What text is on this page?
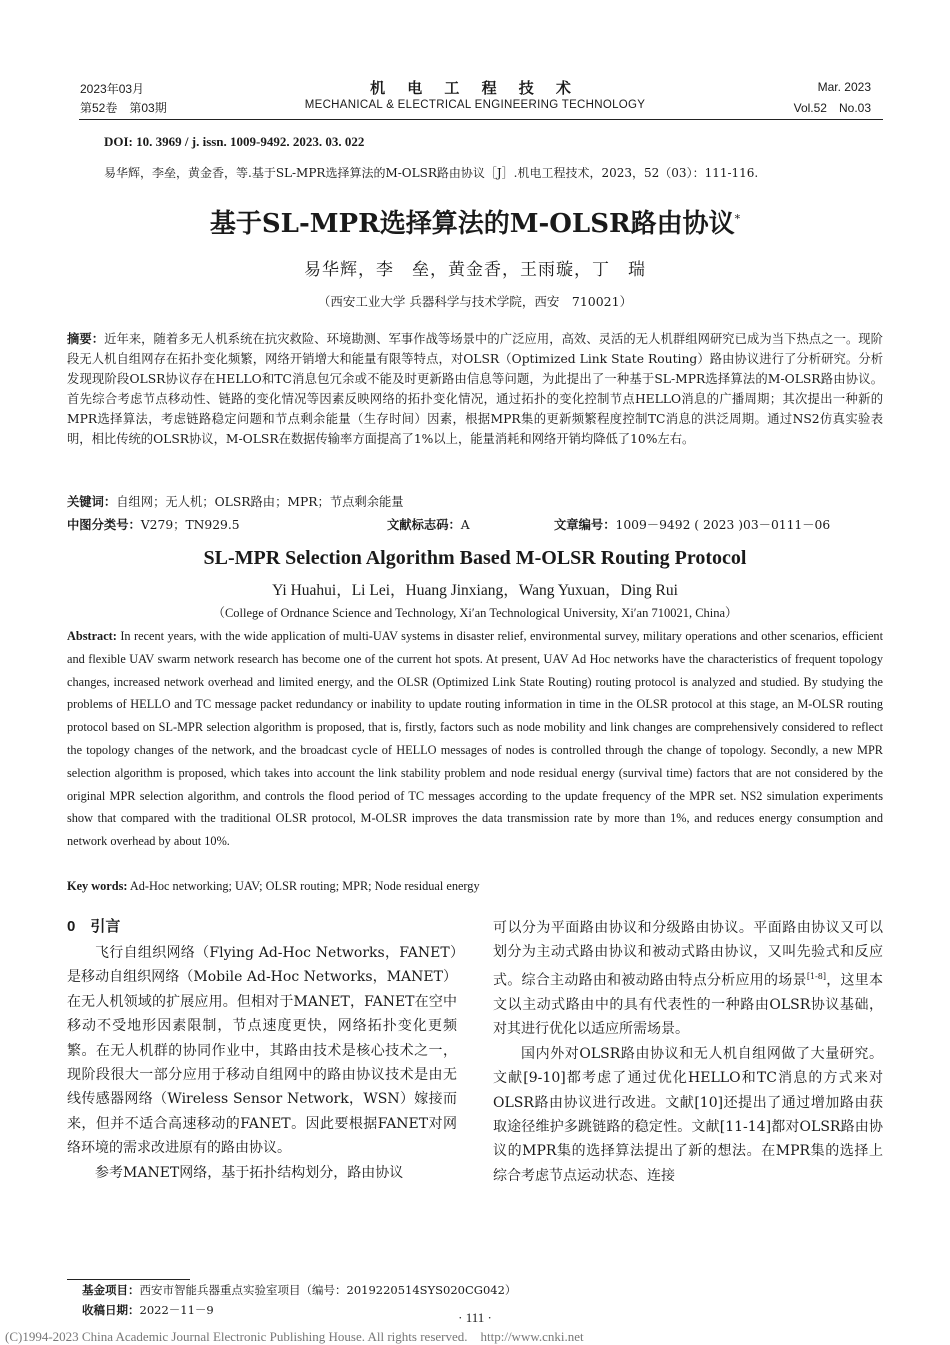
2023年03月
第52卷　第03期
机 电 工 程 技 术
MECHANICAL & ELECTRICAL ENGINEERING TECHNOLOGY
Mar. 2023
Vol.52　No.03
DOI: 10. 3969 / j. issn. 1009-9492. 2023. 03. 022
易华辉，李垒，黄金香，等.基于SL-MPR选择算法的M-OLSR路由协议［J］.机电工程技术，2023，52（03）：111-116.
基于SL-MPR选择算法的M-OLSR路由协议*
易华辉，李　垒，黄金香，王雨璇，丁　瑞
（西安工业大学 兵器科学与技术学院，西安　710021）
摘要：近年来，随着多无人机系统在抗灾救险、环境勘测、军事作战等场景中的广泛应用，高效、灵活的无人机群组网研究已成为当下热点之一。现阶段无人机自组网存在拓扑变化频繁，网络开销增大和能量有限等特点，对OLSR（Optimized Link State Routing）路由协议进行了分析研究。分析发现现阶段OLSR协议存在HELLO和TC消息包冗余或不能及时更新路由信息等问题，为此提出了一种基于SL-MPR选择算法的M-OLSR路由协议。首先综合考虑节点移动性、链路的变化情况等因素反映网络的拓扑变化情况，通过拓扑的变化控制节点HELLO消息的广播周期；其次提出一种新的MPR选择算法，考虑链路稳定问题和节点剩余能量（生存时间）因素，根据MPR集的更新频繁程度控制TC消息的洪泛周期。通过NS2仿真实验表明，相比传统的OLSR协议，M-OLSR在数据传输率方面提高了1%以上，能量消耗和网络开销均降低了10%左右。
关键词：自组网；无人机；OLSR路由；MPR；节点剩余能量
中图分类号：V279；TN929.5	文献标志码：A	文章编号：1009－9492 ( 2023 )03－0111－06
SL-MPR Selection Algorithm Based M-OLSR Routing Protocol
Yi Huahui，Li Lei，Huang Jinxiang，Wang Yuxuan，Ding Rui
（College of Ordnance Science and Technology, Xi′an Technological University, Xi′an 710021, China）
Abstract: In recent years, with the wide application of multi-UAV systems in disaster relief, environmental survey, military operations and other scenarios, efficient and flexible UAV swarm network research has become one of the current hot spots. At present, UAV Ad Hoc networks have the characteristics of frequent topology changes, increased network overhead and limited energy, and the OLSR (Optimized Link State Routing) routing protocol is analyzed and studied. By studying the problems of HELLO and TC message packet redundancy or inability to update routing information in time in the OLSR protocol at this stage, an M-OLSR routing protocol based on SL-MPR selection algorithm is proposed, that is, firstly, factors such as node mobility and link changes are comprehensively considered to reflect the topology changes of the network, and the broadcast cycle of HELLO messages of nodes is controlled through the change of topology. Secondly, a new MPR selection algorithm is proposed, which takes into account the link stability problem and node residual energy (survival time) factors that are not considered by the original MPR selection algorithm, and controls the flood period of TC messages according to the update frequency of the MPR set. NS2 simulation experiments show that compared with the traditional OLSR protocol, M-OLSR improves the data transmission rate by more than 1%, and reduces energy consumption and network overhead by about 10%.
Key words: Ad-Hoc networking; UAV; OLSR routing; MPR; Node residual energy
0　引言

飞行自组织网络（Flying Ad-Hoc Networks，FANET）是移动自组织网络（Mobile Ad-Hoc Networks，MANET）在无人机领域的扩展应用。但相对于MANET，FANET在空中移动不受地形因素限制，节点速度更快，网络拓扑变化更频繁。在无人机群的协同作业中，其路由技术是核心技术之一，现阶段很大一部分应用于移动自组网中的路由协议技术是由无线传感器网络（Wireless Sensor Network，WSN）嫁接而来，但并不适合高速移动的FANET。因此要根据FANET对网络环境的需求改进原有的路由协议。

参考MANET网络，基于拓扑结构划分，路由协议

可以分为平面路由协议和分级路由协议。平面路由协议又可以划分为主动式路由协议和被动式路由协议，又叫先验式和反应式。综合主动路由和被动路由特点分析应用的场景[1-8]，这里本文以主动式路由中的具有代表性的一种路由OLSR协议基础，对其进行优化以适应所需场景。

国内外对OLSR路由协议和无人机自组网做了大量研究。文献[9-10]都考虑了通过优化HELLO和TC消息的方式来对OLSR路由协议进行改进。文献[10]还提出了通过增加路由获取途径维护多跳链路的稳定性。文献[11-14]都对OLSR路由协议的MPR集的选择算法提出了新的想法。在MPR集的选择上综合考虑节点运动状态、连接

基金项目：西安市智能兵器重点实验室项目（编号：2019220514SYS020CG042）
收稿日期：2022－11－9	· 111 ·
(C)1994-2023 China Academic Journal Electronic Publishing House. All rights reserved.　http://www.cnki.net
